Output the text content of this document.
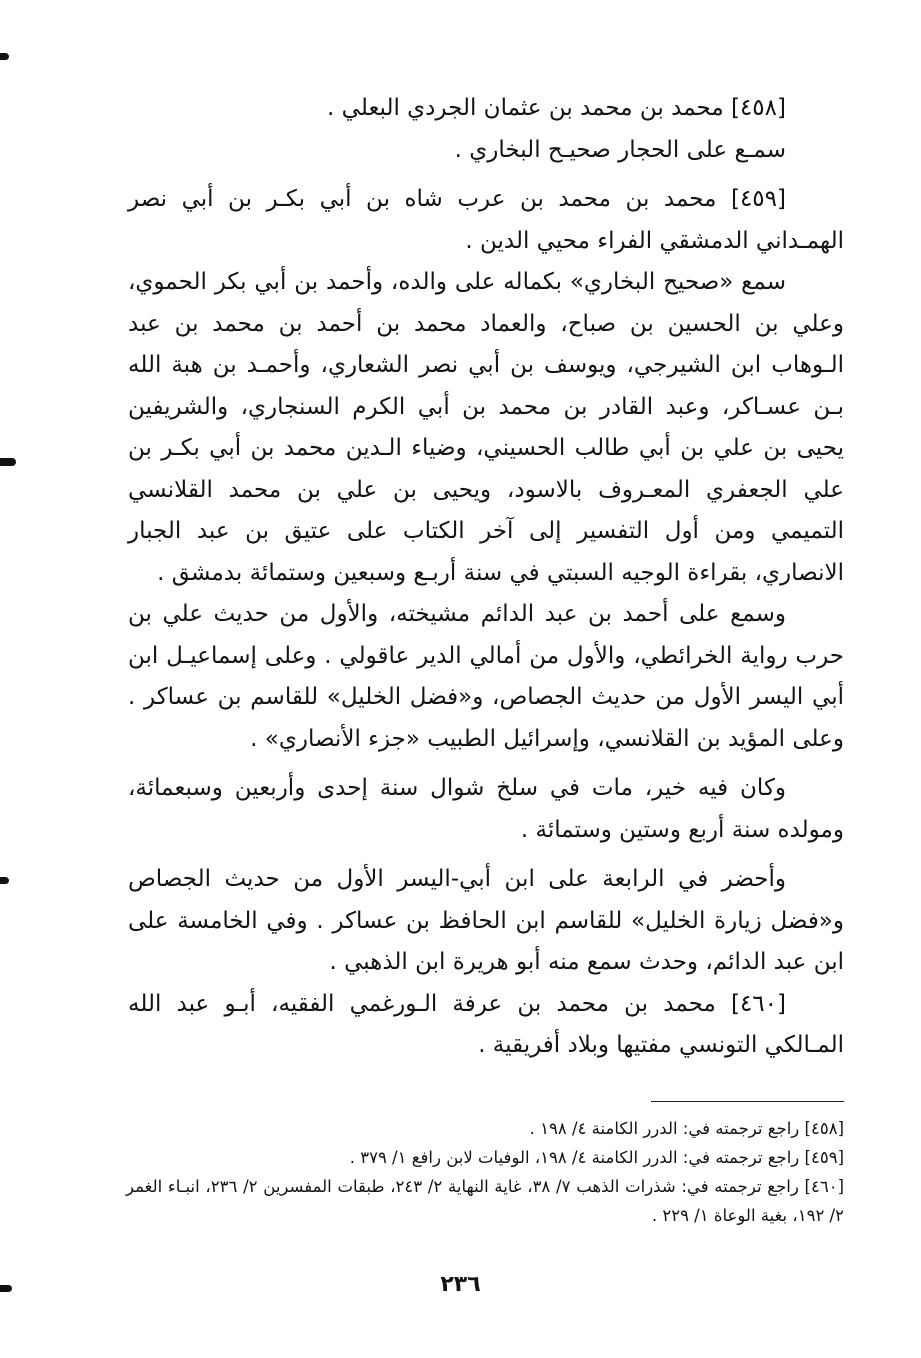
[٤٥٨] محمد بن محمد بن عثمان الجردي البعلي .

سمـع على الحجار صحيـح البخاري .

[٤٥٩] محمد بن محمد بن عرب شاه بن أبي بكـر بن أبي نصر الهمـداني الدمشقي الفراء محيي الدين .

سمع «صحيح البخاري» بكماله على والده، وأحمد بن أبي بكر الحموي، وعلي بن الحسين بن صباح، والعماد محمد بن أحمد بن محمد بن عبد الـوهاب ابن الشيرجي، ويوسف بن أبي نصر الشعاري، وأحمـد بن هبة الله بـن عسـاكر، وعبد القادر بن محمد بن أبي الكرم السنجاري، والشريفين يحيى بن علي بن أبي طالب الحسيني، وضياء الـدين محمد بن أبي بكـر بن علي الجعفري المعـروف بالاسود، ويحيى بن علي بن محمد القلانسي التميمي ومن أول التفسير إلى آخر الكتاب على عتيق بن عبد الجبار الانصاري، بقراءة الوجيه السبتي في سنة أربـع وسبعين وستمائة بدمشق .

وسمع على أحمد بن عبد الدائم مشيخته، والأول من حديث علي بن حرب رواية الخرائطي، والأول من أمالي الدير عاقولي . وعلى إسماعيـل ابن أبي اليسر الأول من حديث الجصاص، و«فضل الخليل» للقاسم بن عساكر . وعلى المؤيد بن القلانسي، وإسرائيل الطبيب «جزء الأنصاري» .

وكان فيه خير، مات في سلخ شوال سنة إحدى وأربعين وسبعمائة، ومولده سنة أربع وستين وستمائة .

وأحضر في الرابعة على ابن أبي-اليسر الأول من حديث الجصاص و«فضل زيارة الخليل» للقاسم ابن الحافظ بن عساكر . وفي الخامسة على ابن عبد الدائم، وحدث سمع منه أبو هريرة ابن الذهبي .

[٤٦٠] محمد بن محمد بن عرفة الـورغمي الفقيه، أبـو عبد الله المـالكي التونسي مفتيها وبلاد أفريقية .

[٤٥٨] راجع ترجمته في: الدرر الكامنة ٤/ ١٩٨ .

[٤٥٩] راجع ترجمته في: الدرر الكامنة ٤/ ١٩٨، الوفيات لابن رافع ١/ ٣٧٩ .

[٤٦٠] راجع ترجمته في: شذرات الذهب ٧/ ٣٨، غاية النهاية ٢/ ٢٤٣، طبقات المفسرين ٢/ ٢٣٦، انبـاء الغمر ٢/ ١٩٢، بغية الوعاة ١/ ٢٢٩ .

٢٣٦
